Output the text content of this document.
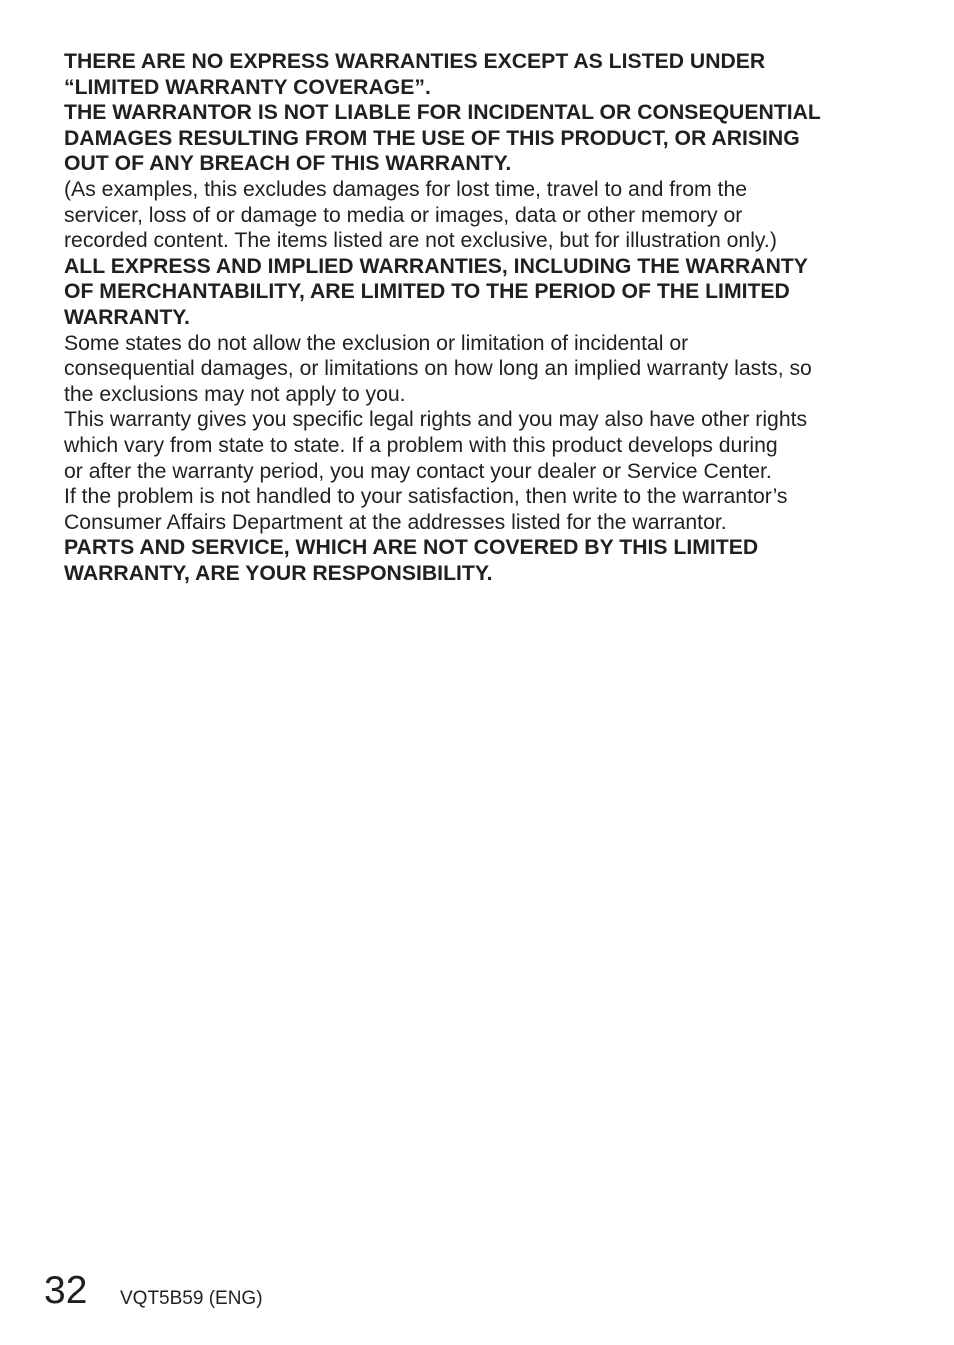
THERE ARE NO EXPRESS WARRANTIES EXCEPT AS LISTED UNDER
“LIMITED WARRANTY COVERAGE”.

THE WARRANTOR IS NOT LIABLE FOR INCIDENTAL OR CONSEQUENTIAL
DAMAGES RESULTING FROM THE USE OF THIS PRODUCT, OR ARISING
OUT OF ANY BREACH OF THIS WARRANTY.

(As examples, this excludes damages for lost time, travel to and from the
servicer, loss of or damage to media or images, data or other memory or
recorded content. The items listed are not exclusive, but for illustration only.)

ALL EXPRESS AND IMPLIED WARRANTIES, INCLUDING THE WARRANTY
OF MERCHANTABILITY, ARE LIMITED TO THE PERIOD OF THE LIMITED
WARRANTY.

Some states do not allow the exclusion or limitation of incidental or
consequential damages, or limitations on how long an implied warranty lasts, so
the exclusions may not apply to you.

This warranty gives you specific legal rights and you may also have other rights
which vary from state to state. If a problem with this product develops during
or after the warranty period, you may contact your dealer or Service Center.
If the problem is not handled to your satisfaction, then write to the warrantor’s
Consumer Affairs Department at the addresses listed for the warrantor.

PARTS AND SERVICE, WHICH ARE NOT COVERED BY THIS LIMITED
WARRANTY, ARE YOUR RESPONSIBILITY.

32 VQT5B59 (ENG)
